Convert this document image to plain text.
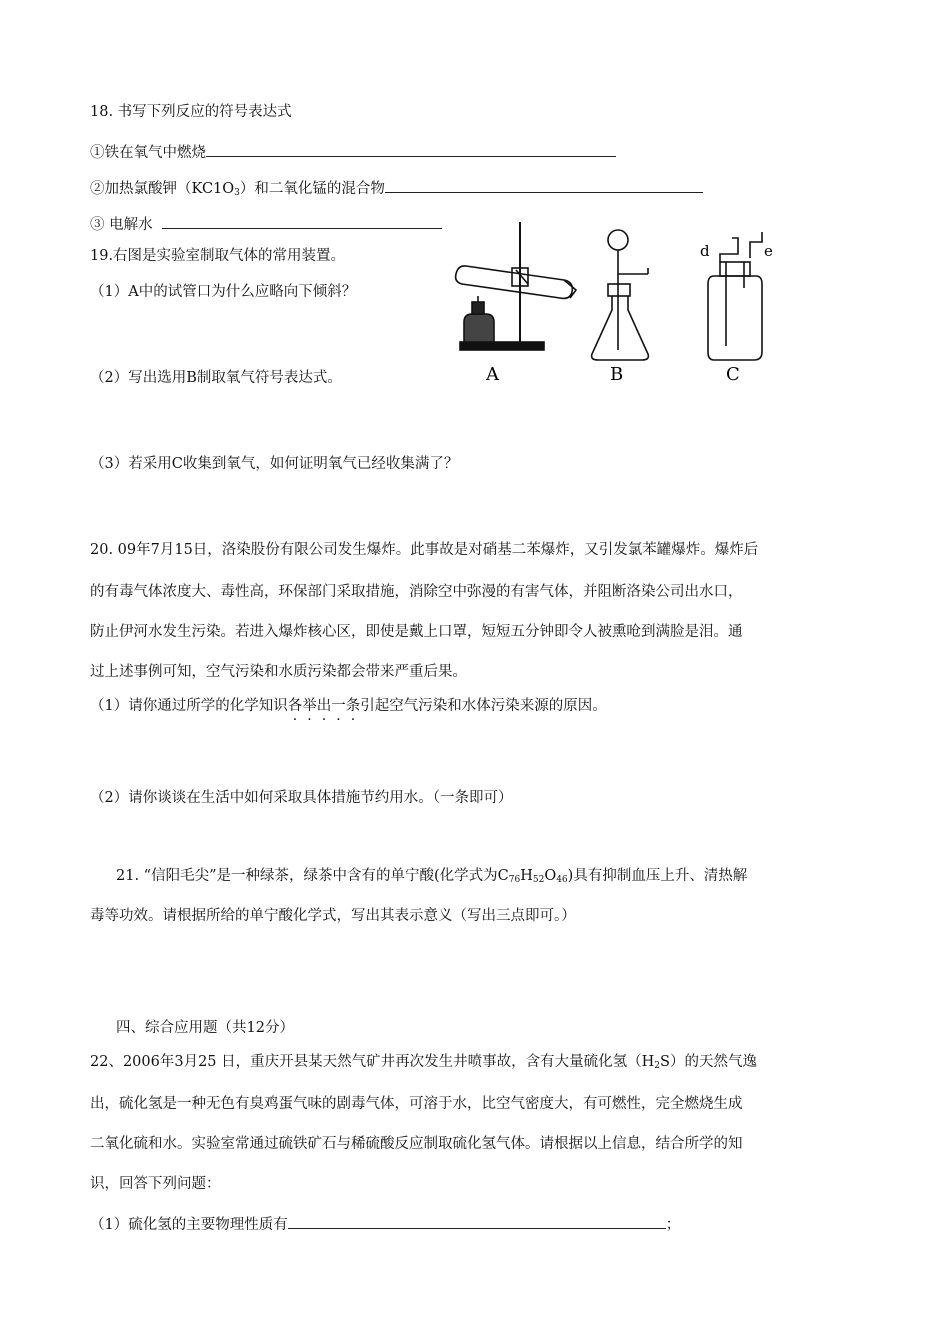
18. 书写下列反应的符号表达式
①铁在氧气中燃烧
②加热氯酸钾$(KC1O_3)$和二氧化锰的混合物
③ 电解水
19.右图是实验室制取气体的常用装置。
（1）A中的试管口为什么应略向下倾斜？
（2）写出选用B制取氧气符号表达式。
（3）若采用C收集到氧气，如何证明氧气已经收集满了？
A	B	C
d	e
20. 09年7月15日，洛染股份有限公司发生爆炸。此事故是对硝基二苯爆炸，又引发氯苯罐爆炸。爆炸后
的有毒气体浓度大、毒性高，环保部门采取措施，消除空中弥漫的有害气体，并阻断洛染公司出水口，
防止伊河水发生污染。若进入爆炸核心区，即使是戴上口罩，短短五分钟即令人被熏呛到满脸是泪。通
过上述事例可知，空气污染和水质污染都会带来严重后果。
（1）请你通过所学的化学知识各举出一条引起空气污染和水体污染来源的原因。
（2）请你谈谈在生活中如何采取具体措施节约用水。（一条即可）
21. “信阳毛尖”是一种绿茶，绿茶中含有的单宁酸(化学式为$C_{76}H_{52}O_{46}$)具有抑制血压上升、清热解
毒等功效。请根据所给的单宁酸化学式，写出其表示意义（写出三点即可。）
四、综合应用题（共12分）
22、2006年3月25 日，重庆开县某天然气矿井再次发生井喷事故，含有大量硫化氢$(H_2S)$的天然气逸
出，硫化氢是一种无色有臭鸡蛋气味的剧毒气体，可溶于水，比空气密度大，有可燃性，完全燃烧生成
二氧化硫和水。实验室常通过硫铁矿石与稀硫酸反应制取硫化氢气体。请根据以上信息，结合所学的知
识，回答下列问题：
（1）硫化氢的主要物理性质有	；
